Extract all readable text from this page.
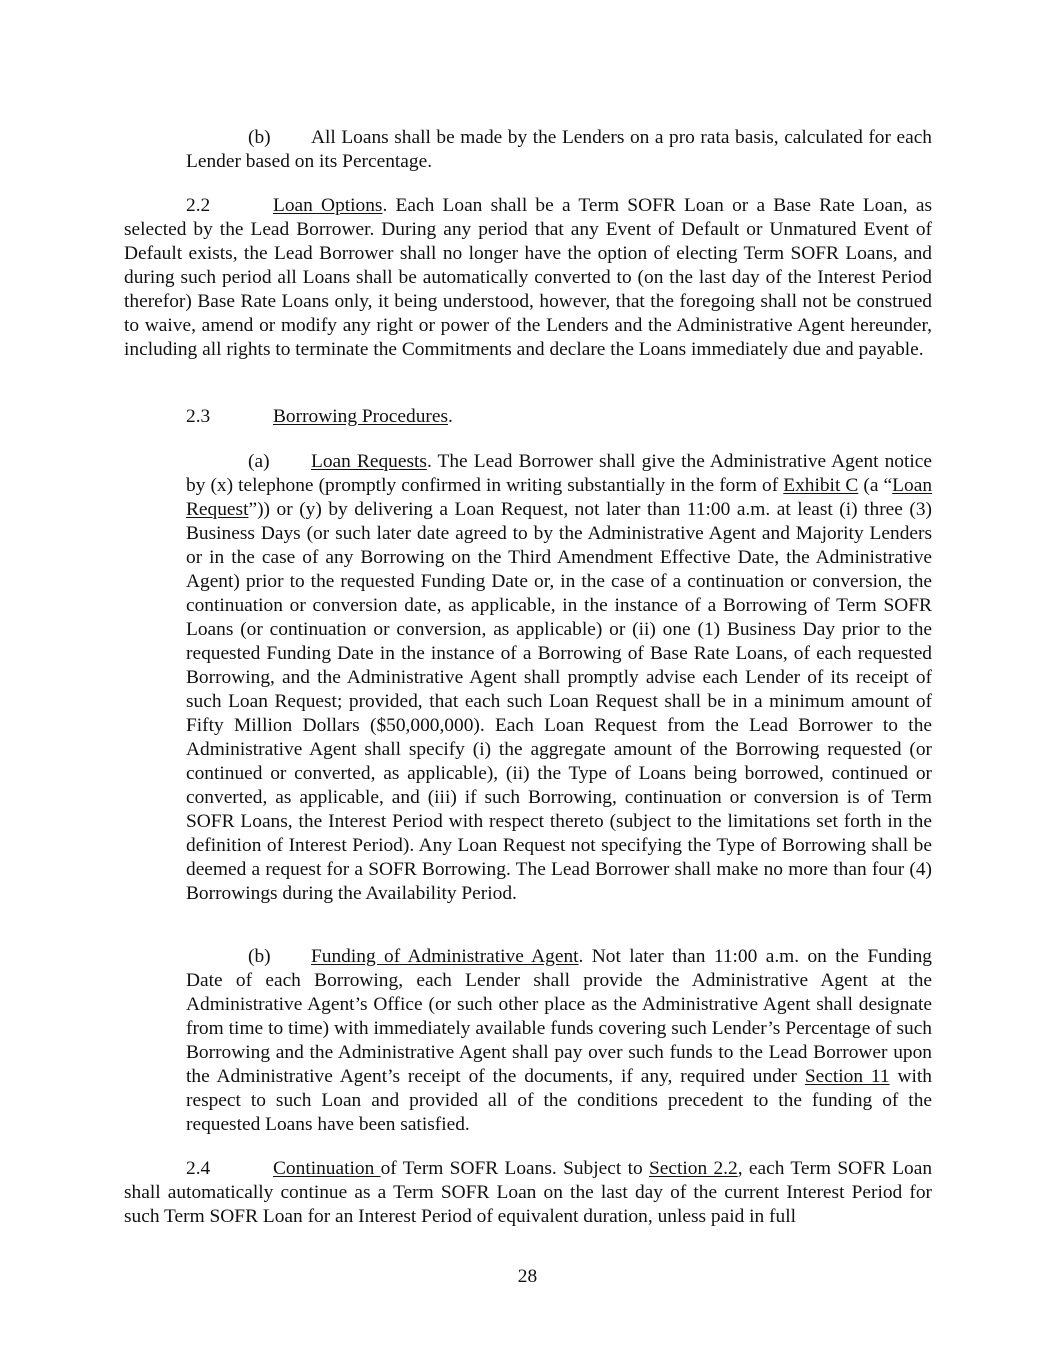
(b) All Loans shall be made by the Lenders on a pro rata basis, calculated for each Lender based on its Percentage.

2.2	Loan Options. Each Loan shall be a Term SOFR Loan or a Base Rate Loan, as selected by the Lead Borrower. During any period that any Event of Default or Unmatured Event of Default exists, the Lead Borrower shall no longer have the option of electing Term SOFR Loans, and during such period all Loans shall be automatically converted to (on the last day of the Interest Period therefor) Base Rate Loans only, it being understood, however, that the foregoing shall not be construed to waive, amend or modify any right or power of the Lenders and the Administrative Agent hereunder, including all rights to terminate the Commitments and declare the Loans immediately due and payable.

2.3	Borrowing Procedures.

(a) Loan Requests. The Lead Borrower shall give the Administrative Agent notice by (x) telephone (promptly confirmed in writing substantially in the form of Exhibit C (a “Loan Request”)) or (y) by delivering a Loan Request, not later than 11:00 a.m. at least (i) three (3) Business Days (or such later date agreed to by the Administrative Agent and Majority Lenders or in the case of any Borrowing on the Third Amendment Effective Date, the Administrative Agent) prior to the requested Funding Date or, in the case of a continuation or conversion, the continuation or conversion date, as applicable, in the instance of a Borrowing of Term SOFR Loans (or continuation or conversion, as applicable) or (ii) one (1) Business Day prior to the requested Funding Date in the instance of a Borrowing of Base Rate Loans, of each requested Borrowing, and the Administrative Agent shall promptly advise each Lender of its receipt of such Loan Request; provided, that each such Loan Request shall be in a minimum amount of Fifty Million Dollars ($50,000,000). Each Loan Request from the Lead Borrower to the Administrative Agent shall specify (i) the aggregate amount of the Borrowing requested (or continued or converted, as applicable), (ii) the Type of Loans being borrowed, continued or converted, as applicable, and (iii) if such Borrowing, continuation or conversion is of Term SOFR Loans, the Interest Period with respect thereto (subject to the limitations set forth in the definition of Interest Period). Any Loan Request not specifying the Type of Borrowing shall be deemed a request for a SOFR Borrowing. The Lead Borrower shall make no more than four (4) Borrowings during the Availability Period.

(b) Funding of Administrative Agent. Not later than 11:00 a.m. on the Funding Date of each Borrowing, each Lender shall provide the Administrative Agent at the Administrative Agent’s Office (or such other place as the Administrative Agent shall designate from time to time) with immediately available funds covering such Lender’s Percentage of such Borrowing and the Administrative Agent shall pay over such funds to the Lead Borrower upon the Administrative Agent’s receipt of the documents, if any, required under Section 11 with respect to such Loan and provided all of the conditions precedent to the funding of the requested Loans have been satisfied.

2.4	Continuation of Term SOFR Loans. Subject to Section 2.2, each Term SOFR Loan shall automatically continue as a Term SOFR Loan on the last day of the current Interest Period for such Term SOFR Loan for an Interest Period of equivalent duration, unless paid in full

28
